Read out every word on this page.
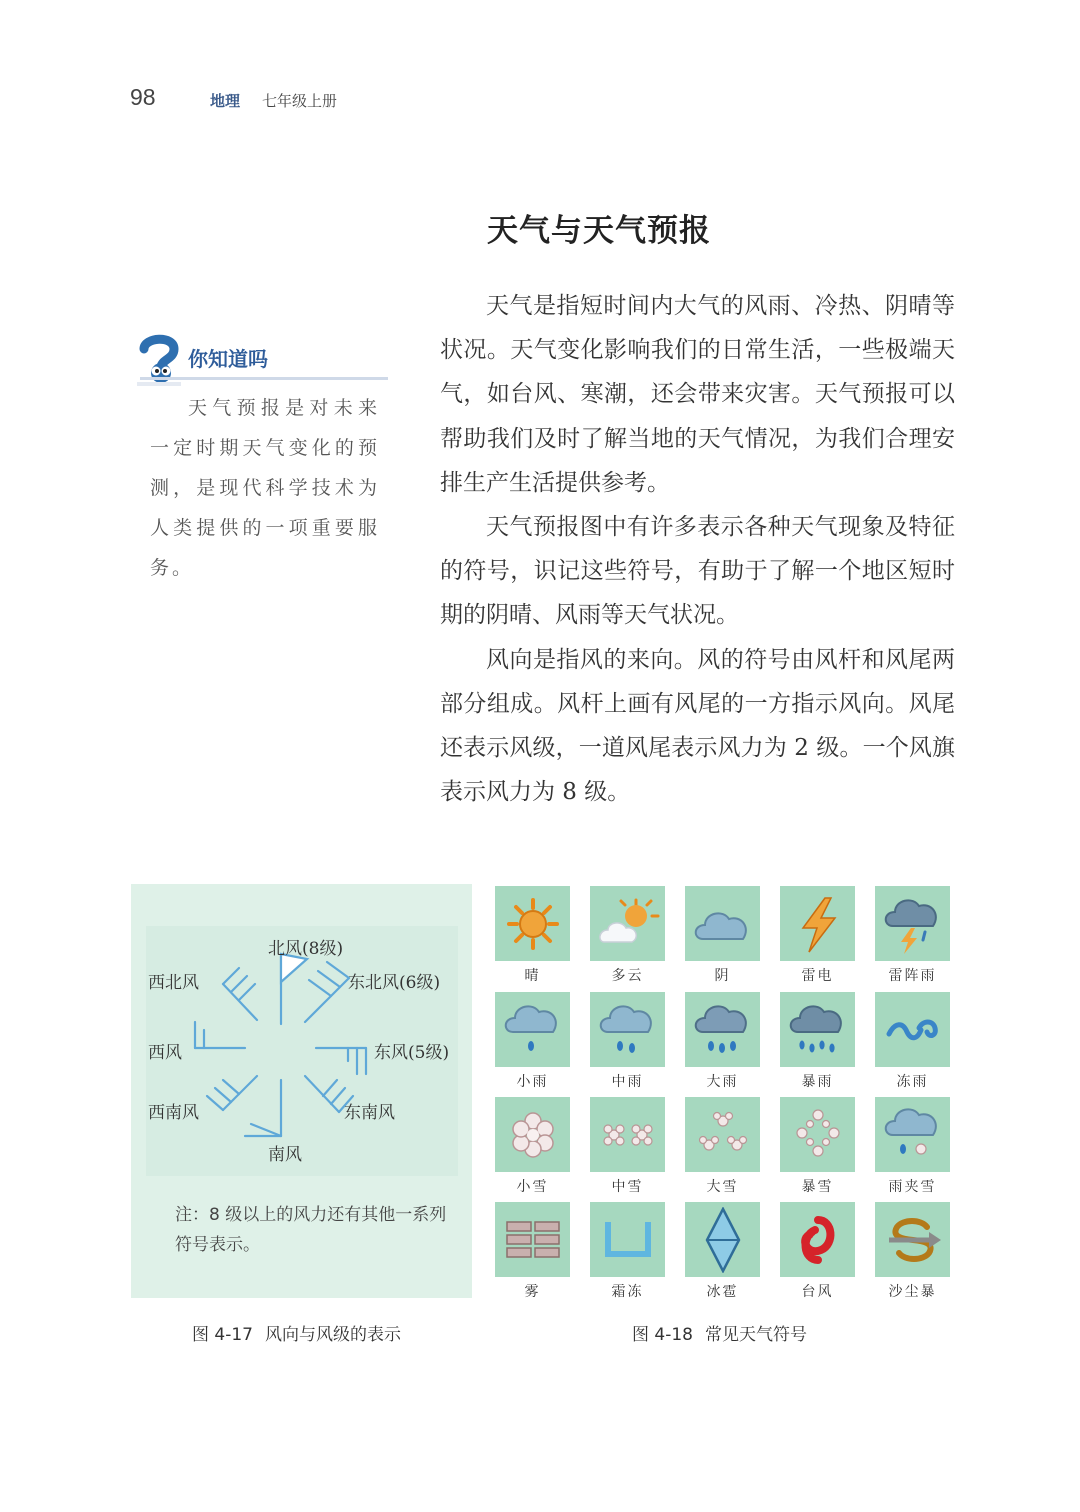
98	地理 七年级上册
天气与天气预报

天气是指短时间内大气的风雨、冷热、阴晴等状况。天气变化影响我们的日常生活，一些极端天气，如台风、寒潮，还会带来灾害。天气预报可以帮助我们及时了解当地的天气情况，为我们合理安排生产生活提供参考。

天气预报图中有许多表示各种天气现象及特征的符号，识记这些符号，有助于了解一个地区短时期的阴晴、风雨等天气状况。

风向是指风的来向。风的符号由风杆和风尾两部分组成。风杆上画有风尾的一方指示风向。风尾还表示风级，一道风尾表示风力为 2 级。一个风旗表示风力为 8 级。

你知道吗

天气预报是对未来一定时期天气变化的预测，是现代科学技术为人类提供的一项重要服务。

北风(8级)
东北风(6级)
东风(5级)
东南风
南风
西南风
西风
西北风
注：8 级以上的风力还有其他一系列符号表示。
图 4-17 风向与风级的表示
晴	多云	阴	雷电	雷阵雨
小雨	中雨	大雨	暴雨	冻雨
小雪	中雪	大雪	暴雪	雨夹雪
雾	霜冻	冰雹	台风	沙尘暴
图 4-18 常见天气符号
